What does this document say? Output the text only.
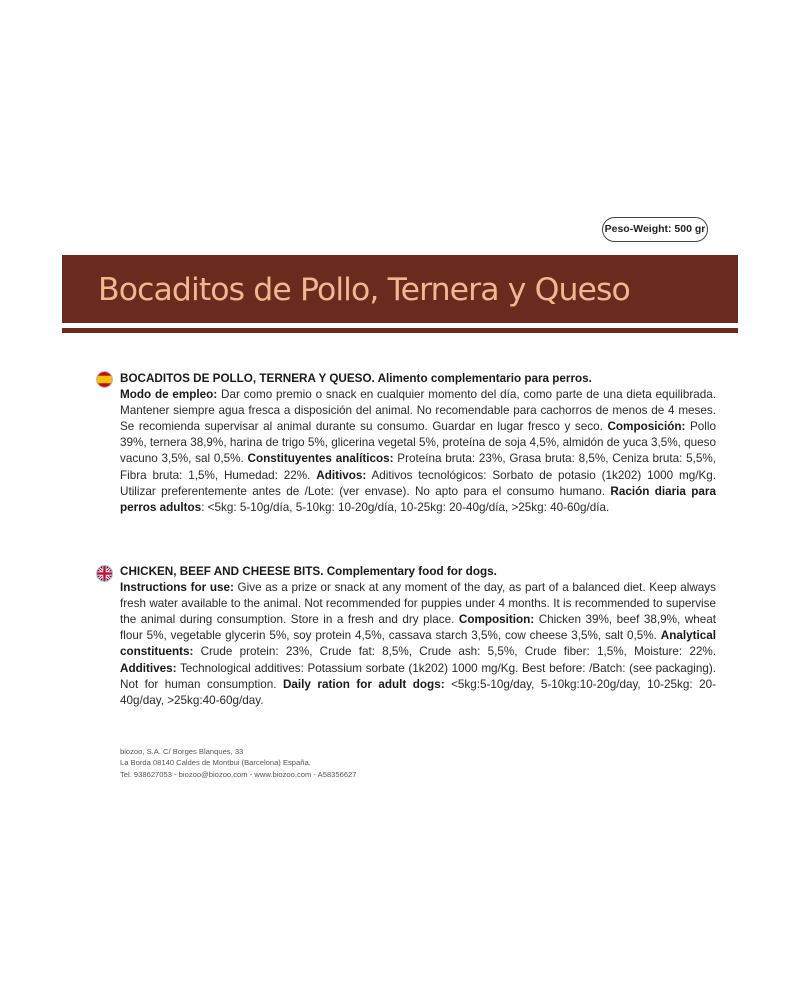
Peso-Weight: 500 gr
Bocaditos de Pollo, Ternera y Queso
BOCADITOS DE POLLO, TERNERA Y QUESO. Alimento complementario para perros.
Modo de empleo: Dar como premio o snack en cualquier momento del día, como parte de una dieta equilibrada. Mantener siempre agua fresca a disposición del animal. No recomendable para cachorros de menos de 4 meses. Se recomienda supervisar al animal durante su consumo. Guardar en lugar fresco y seco. Composición: Pollo 39%, ternera 38,9%, harina de trigo 5%, glicerina vegetal 5%, proteína de soja 4,5%, almidón de yuca 3,5%, queso vacuno 3,5%, sal 0,5%. Constituyentes analíticos: Proteína bruta: 23%, Grasa bruta: 8,5%, Ceniza bruta: 5,5%, Fibra bruta: 1,5%, Humedad: 22%. Aditivos: Aditivos tecnológicos: Sorbato de potasio (1k202) 1000 mg/Kg. Utilizar preferentemente antes de /Lote: (ver envase). No apto para el consumo humano. Ración diaria para perros adultos: <5kg: 5-10g/día, 5-10kg: 10-20g/día, 10-25kg: 20-40g/día, >25kg: 40-60g/día.
CHICKEN, BEEF AND CHEESE BITS. Complementary food for dogs.
Instructions for use: Give as a prize or snack at any moment of the day, as part of a balanced diet. Keep always fresh water available to the animal. Not recommended for puppies under 4 months. It is recommended to supervise the animal during consumption. Store in a fresh and dry place. Composition: Chicken 39%, beef 38,9%, wheat flour 5%, vegetable glycerin 5%, soy protein 4,5%, cassava starch 3,5%, cow cheese 3,5%, salt 0,5%. Analytical constituents: Crude protein: 23%, Crude fat: 8,5%, Crude ash: 5,5%, Crude fiber: 1,5%, Moisture: 22%. Additives: Technological additives: Potassium sorbate (1k202) 1000 mg/Kg. Best before: /Batch: (see packaging). Not for human consumption. Daily ration for adult dogs: <5kg:5-10g/day, 5-10kg:10-20g/day, 10-25kg: 20-40g/day, >25kg:40-60g/day.
biozoo, S.A. C/ Borges Blanques, 33
La Borda 08140 Caldes de Montbui (Barcelona) España.
Tel. 938627053 - biozoo@biozoo.com - www.biozoo.com - A58356627
